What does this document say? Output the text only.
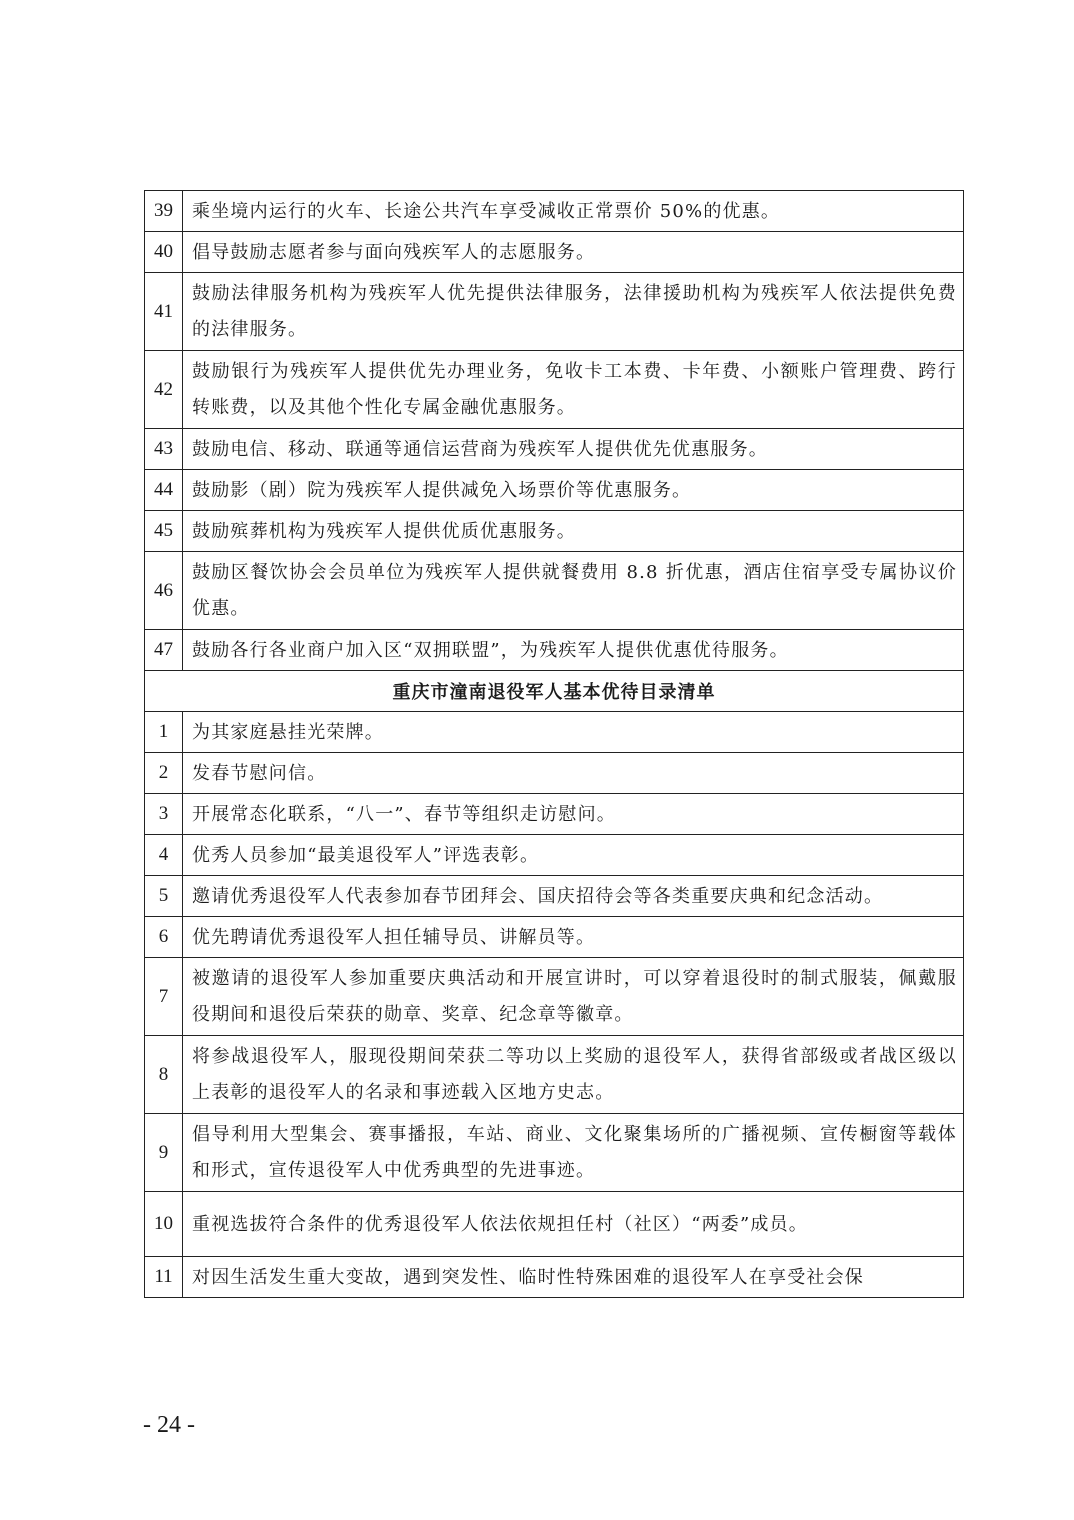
39	乘坐境内运行的火车、长途公共汽车享受减收正常票价 50%的优惠。
40	倡导鼓励志愿者参与面向残疾军人的志愿服务。
41	鼓励法律服务机构为残疾军人优先提供法律服务，法律援助机构为残疾军人依法提供免费的法律服务。
42	鼓励银行为残疾军人提供优先办理业务，免收卡工本费、卡年费、小额账户管理费、跨行转账费，以及其他个性化专属金融优惠服务。
43	鼓励电信、移动、联通等通信运营商为残疾军人提供优先优惠服务。
44	鼓励影（剧）院为残疾军人提供减免入场票价等优惠服务。
45	鼓励殡葬机构为残疾军人提供优质优惠服务。
46	鼓励区餐饮协会会员单位为残疾军人提供就餐费用 8.8 折优惠，酒店住宿享受专属协议价优惠。
47	鼓励各行各业商户加入区“双拥联盟”，为残疾军人提供优惠优待服务。
重庆市潼南退役军人基本优待目录清单	
1	为其家庭悬挂光荣牌。
2	发春节慰问信。
3	开展常态化联系，“八一”、春节等组织走访慰问。
4	优秀人员参加“最美退役军人”评选表彰。
5	邀请优秀退役军人代表参加春节团拜会、国庆招待会等各类重要庆典和纪念活动。
6	优先聘请优秀退役军人担任辅导员、讲解员等。
7	被邀请的退役军人参加重要庆典活动和开展宣讲时，可以穿着退役时的制式服装，佩戴服役期间和退役后荣获的勋章、奖章、纪念章等徽章。
8	将参战退役军人，服现役期间荣获二等功以上奖励的退役军人，获得省部级或者战区级以上表彰的退役军人的名录和事迹载入区地方史志。
9	倡导利用大型集会、赛事播报，车站、商业、文化聚集场所的广播视频、宣传橱窗等载体和形式，宣传退役军人中优秀典型的先进事迹。
10	重视选拔符合条件的优秀退役军人依法依规担任村（社区）“两委”成员。
11	对因生活发生重大变故，遇到突发性、临时性特殊困难的退役军人在享受社会保
- 24 -
